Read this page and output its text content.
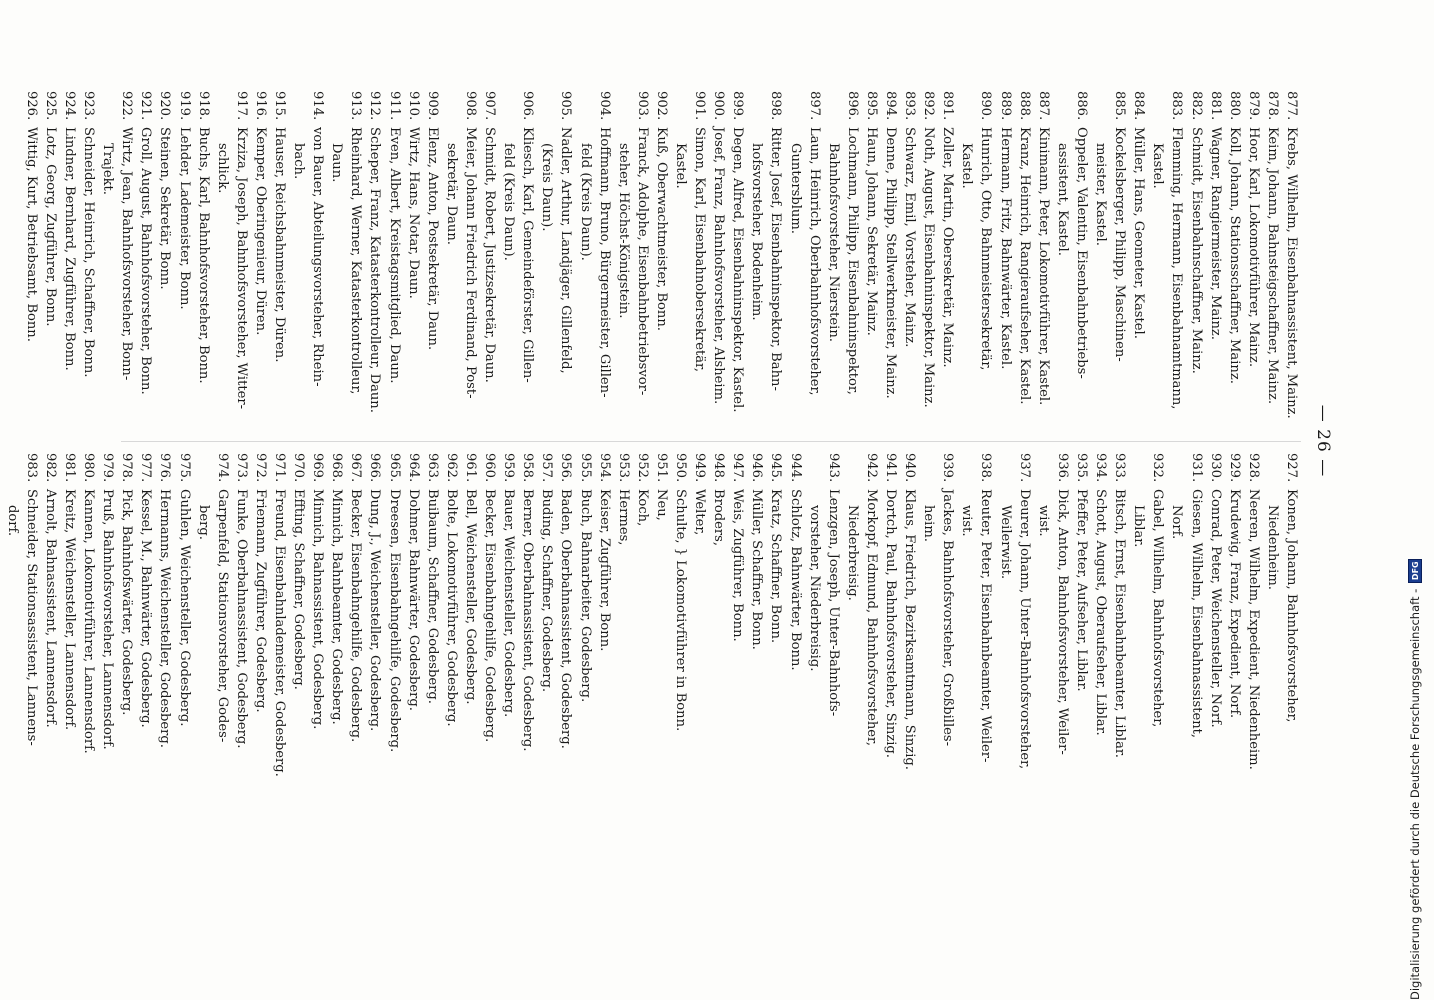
— 26 —
877.
Krebs, Wilhelm, Eisenbahnassistent, Mainz.
878.
Keim, Johann, Bahnsteigschaffner, Mainz.
879.
Hoor, Karl, Lokomotivführer, Mainz.
880.
Koll, Johann, Stationsschaffner, Mainz.
881.
Wagner, Rangiermeister, Mainz.
882.
Schmidt, Eisenbahnschaffner, Mainz.
883.
Flemming, Hermann, Eisenbahnamtmann,
Kastel.
884.
Müller, Hans, Geometer, Kastel.
885.
Kockelsberger, Philipp, Maschinen-
meister, Kastel.
886.
Oppeler, Valentin, Eisenbahnbetriebs-
assistent, Kastel.
887.
Kinimann, Peter, Lokomotivführer, Kastel.
888.
Kranz, Heinrich, Rangieraufseher, Kastel.
889.
Hermann, Fritz, Bahnwärter, Kastel.
890.
Hunrich, Otto, Bahnmeistersekretär,
Kastel.
891.
Zoller, Martin, Obersekretär, Mainz.
892.
Noth, August, Eisenbahninspektor, Mainz.
893.
Schwarz, Emil, Vorsteher, Mainz.
894.
Denne, Philipp, Stellwerkmeister, Mainz.
895.
Haun, Johann, Sekretär, Mainz.
896.
Lochmann, Philipp, Eisenbahninspektor,
Bahnhofsvorsteher, Nierstein.
897.
Laun, Heinrich, Oberbahnhofsvorsteher,
Guntersblum.
898.
Ritter, Josef, Eisenbahninspektor, Bahn-
hofsvorsteher, Bodenheim.
899.
Degen, Alfred, Eisenbahninspektor, Kastel.
900.
Josef, Franz, Bahnhofsvorsteher, Alsheim.
901.
Simon, Karl, Eisenbahnobersekretär,
Kastel.
902.
Kuß, Oberwachtmeister, Bonn.
903.
Franck, Adolphe, Eisenbahnbetriebsvor-
steher, Höchst-Königstein.
904.
Hoffmann, Bruno, Bürgermeister, Gillen-
feld (Kreis Daun).
905.
Nadler, Arthur, Landjäger, Gillenfeld,
(Kreis Daun).
906.
Kliesch, Karl, Gemeindeförster, Gillen-
feld (Kreis Daun).
907.
Schmidt, Robert, Justizsekretär, Daun.
908.
Meier, Johann Friedrich Ferdinand, Post-
sekretär, Daun.
909.
Elenz, Anton, Postsekretär, Daun.
910.
Wirtz, Hans, Notar, Daun.
911.
Even, Albert, Kreistagsmitglied, Daun.
912.
Scheper, Franz, Katasterkontrolleur, Daun.
913.
Rheinhard, Werner, Katasterkontrolleur,
Daun.
914.
von Bauer, Abteilungsvorsteher, Rhein-
bach.
915.
Hauser, Reichsbahnmeister, Düren.
916.
Kemper, Oberingenieur, Düren.
917.
Krziza, Joseph, Bahnhofsvorsteher, Witter-
schlick.
918.
Buchs, Karl, Bahnhofsvorsteher, Bonn.
919.
Lehder, Lademeister, Bonn.
920.
Steinen, Sekretär, Bonn.
921.
Groll, August, Bahnhofsvorsteher, Bonn.
922.
Wirtz, Jean, Bahnhofsvorsteher, Bonn-
Trajekt.
923.
Schneider, Heinrich, Schaffner, Bonn.
924.
Lindner, Bernhard, Zugführer, Bonn.
925.
Lotz, Georg, Zugführer, Bonn.
926.
Wittig, Kurt, Betriebsamt, Bonn.
927.
Konen, Johann, Bahnhofsvorsteher,
Niedenheim.
928.
Neeren, Wilhelm, Expedient, Niedenheim.
929.
Krudewig, Franz, Expedient, Norf.
930.
Conrad, Peter, Weichensteller, Norf.
931.
Giesen, Wilhelm, Eisenbahnassistent,
Norf.
932.
Gabel, Wilhelm, Bahnhofsvorsteher,
Liblar.
933.
Bitsch, Ernst, Eisenbahnbeamter, Liblar.
934.
Schott, August, Oberaufseher, Liblar.
935.
Pfeffer, Peter, Aufseher, Liblar.
936.
Dick, Anton, Bahnhofsvorsteher, Weiler-
wist.
937.
Deurer, Johann, Unter-Bahnhofsvorsteher,
Weilerwist.
938.
Reuter, Peter, Eisenbahnbeamter, Weiler-
wist.
939.
Jackes, Bahnhofsvorsteher, Großbilles-
heim.
940.
Klaus, Friedrich, Bezirksamtmann, Sinzig.
941.
Dortch, Paul, Bahnhofsvorsteher, Sinzig.
942.
Morkopf, Edmund, Bahnhofsvorsteher,
Niederbreisig.
943.
Lenzgen, Joseph, Unter-Bahnhofs-
vorsteher, Niederbreisig.
944.
Schlotz, Bahnwärter, Bonn.
945.
Kratz, Schaffner, Bonn.
946.
Müller, Schaffner, Bonn.
947.
Weis, Zugführer, Bonn.
948.
Broders,
949.
Welter,
950.
Schulte, } Lokomotivführer in Bonn.
951.
Neu,
952.
Koch,
953.
Hermes,
954.
Keiser, Zugführer, Bonn.
955.
Buch, Bahnarbeiter, Godesberg.
956.
Baden, Oberbahnassistent, Godesberg.
957.
Buding, Schaffner, Godesberg.
958.
Berner, Oberbahnassistent, Godesberg.
959.
Bauer, Weichensteller, Godesberg.
960.
Becker, Eisenbahngehilfe, Godesberg.
961.
Bell, Weichensteller, Godesberg.
962.
Bolte, Lokomotivführer, Godesberg.
963.
Buibaum, Schaffner, Godesberg.
964.
Dohmer, Bahnwärter, Godesberg.
965.
Dreesen, Eisenbahngehilfe, Godesberg.
966.
Dung, J., Weichensteller, Godesberg.
967.
Becker, Eisenbahngehilfe, Godesberg.
968.
Minnich, Bahnbeamter, Godesberg.
969.
Minnich, Bahnassistent, Godesberg.
970.
Effting, Schaffner, Godesberg.
971.
Freund, Eisenbahnlademeister, Godesberg.
972.
Friemann, Zugführer, Godesberg.
973.
Funke, Oberbahnassistent, Godesberg.
974.
Garpenfeld, Stationsvorsteher, Godes-
berg.
975.
Guhlen, Weichensteller, Godesberg.
976.
Hermanns, Weichensteller, Godesberg.
977.
Kessel, M., Bahnwärter, Godesberg.
978.
Pick, Bahnhofswärter, Godesberg.
979.
Pruß, Bahnhofsvorsteher, Lannensdorf.
980.
Kannen, Lokomotivführer, Lannensdorf.
981.
Kreitz, Weichensteller, Lannensdorf.
982.
Arnolt, Bahnassistent, Lannensdorf.
983.
Schneider, Stationsassistent, Lannens-
dorf.
Digitalisierung gefördert durch die Deutsche Forschungsgemeinschaft -
DFG
